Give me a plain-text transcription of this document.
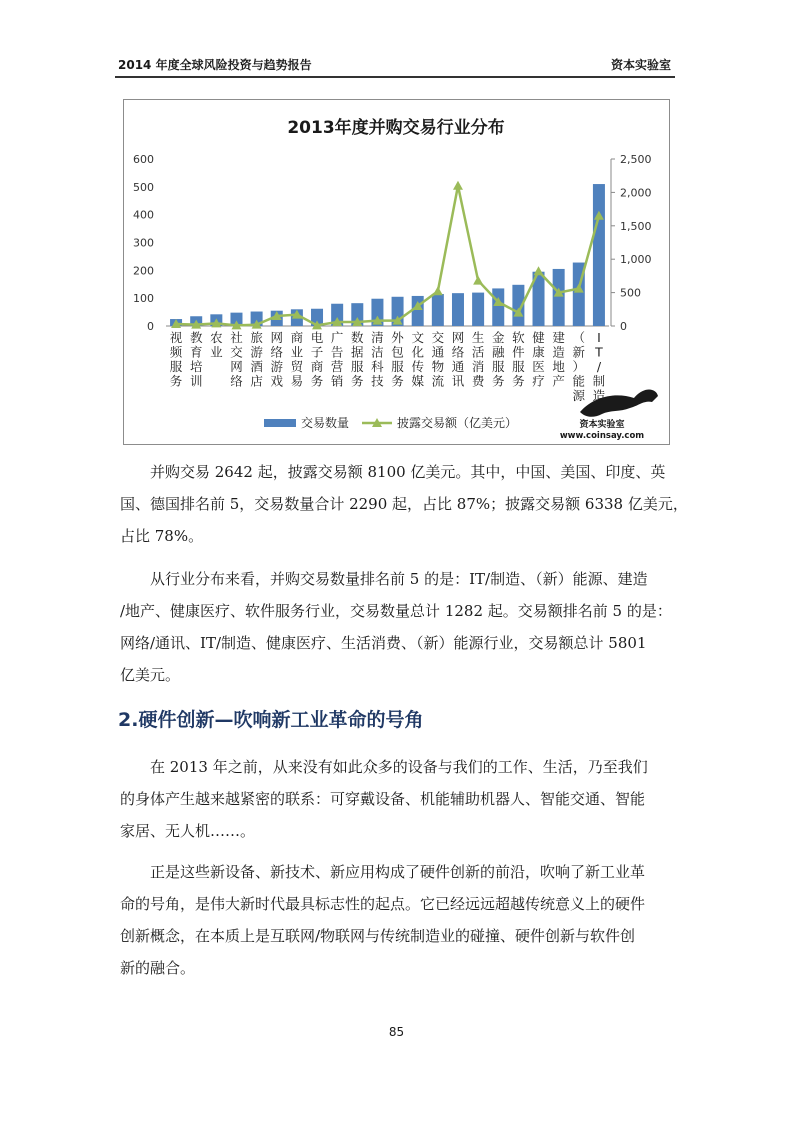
2014 年度全球风险投资与趋势报告	资本实验室
2013年度并购交易行业分布
0
100
200
300
400
500
600
0
500
1,000
1,500
2,000
2,500
视频服务
教育培训
农业
社交网络
旅游酒店
网络游戏
商业贸易
电子商务
广告营销
数据服务
清洁科技
外包服务
文化传媒
交通物流
网络通讯
生活消费
金融服务
软件服务
健康医疗
建造地产
（新）能源
I T /制造
交易数量	披露交易额（亿美元）	资本实验室
www.coinsay.com
并购交易 2642 起，披露交易额 8100 亿美元。其中，中国、美国、印度、英
国、德国排名前 5，交易数量合计 2290 起，占比 87%；披露交易额 6338 亿美元，
占比 78%。
从行业分布来看，并购交易数量排名前 5 的是：IT/制造、（新）能源、建造
/地产、健康医疗、软件服务行业，交易数量总计 1282 起。交易额排名前 5 的是：
网络/通讯、IT/制造、健康医疗、生活消费、（新）能源行业，交易额总计 5801
亿美元。
2.硬件创新—吹响新工业革命的号角
在 2013 年之前，从来没有如此众多的设备与我们的工作、生活，乃至我们
的身体产生越来越紧密的联系：可穿戴设备、机能辅助机器人、智能交通、智能
家居、无人机……。
正是这些新设备、新技术、新应用构成了硬件创新的前沿，吹响了新工业革
命的号角，是伟大新时代最具标志性的起点。它已经远远超越传统意义上的硬件
创新概念，在本质上是互联网/物联网与传统制造业的碰撞、硬件创新与软件创
新的融合。
85
